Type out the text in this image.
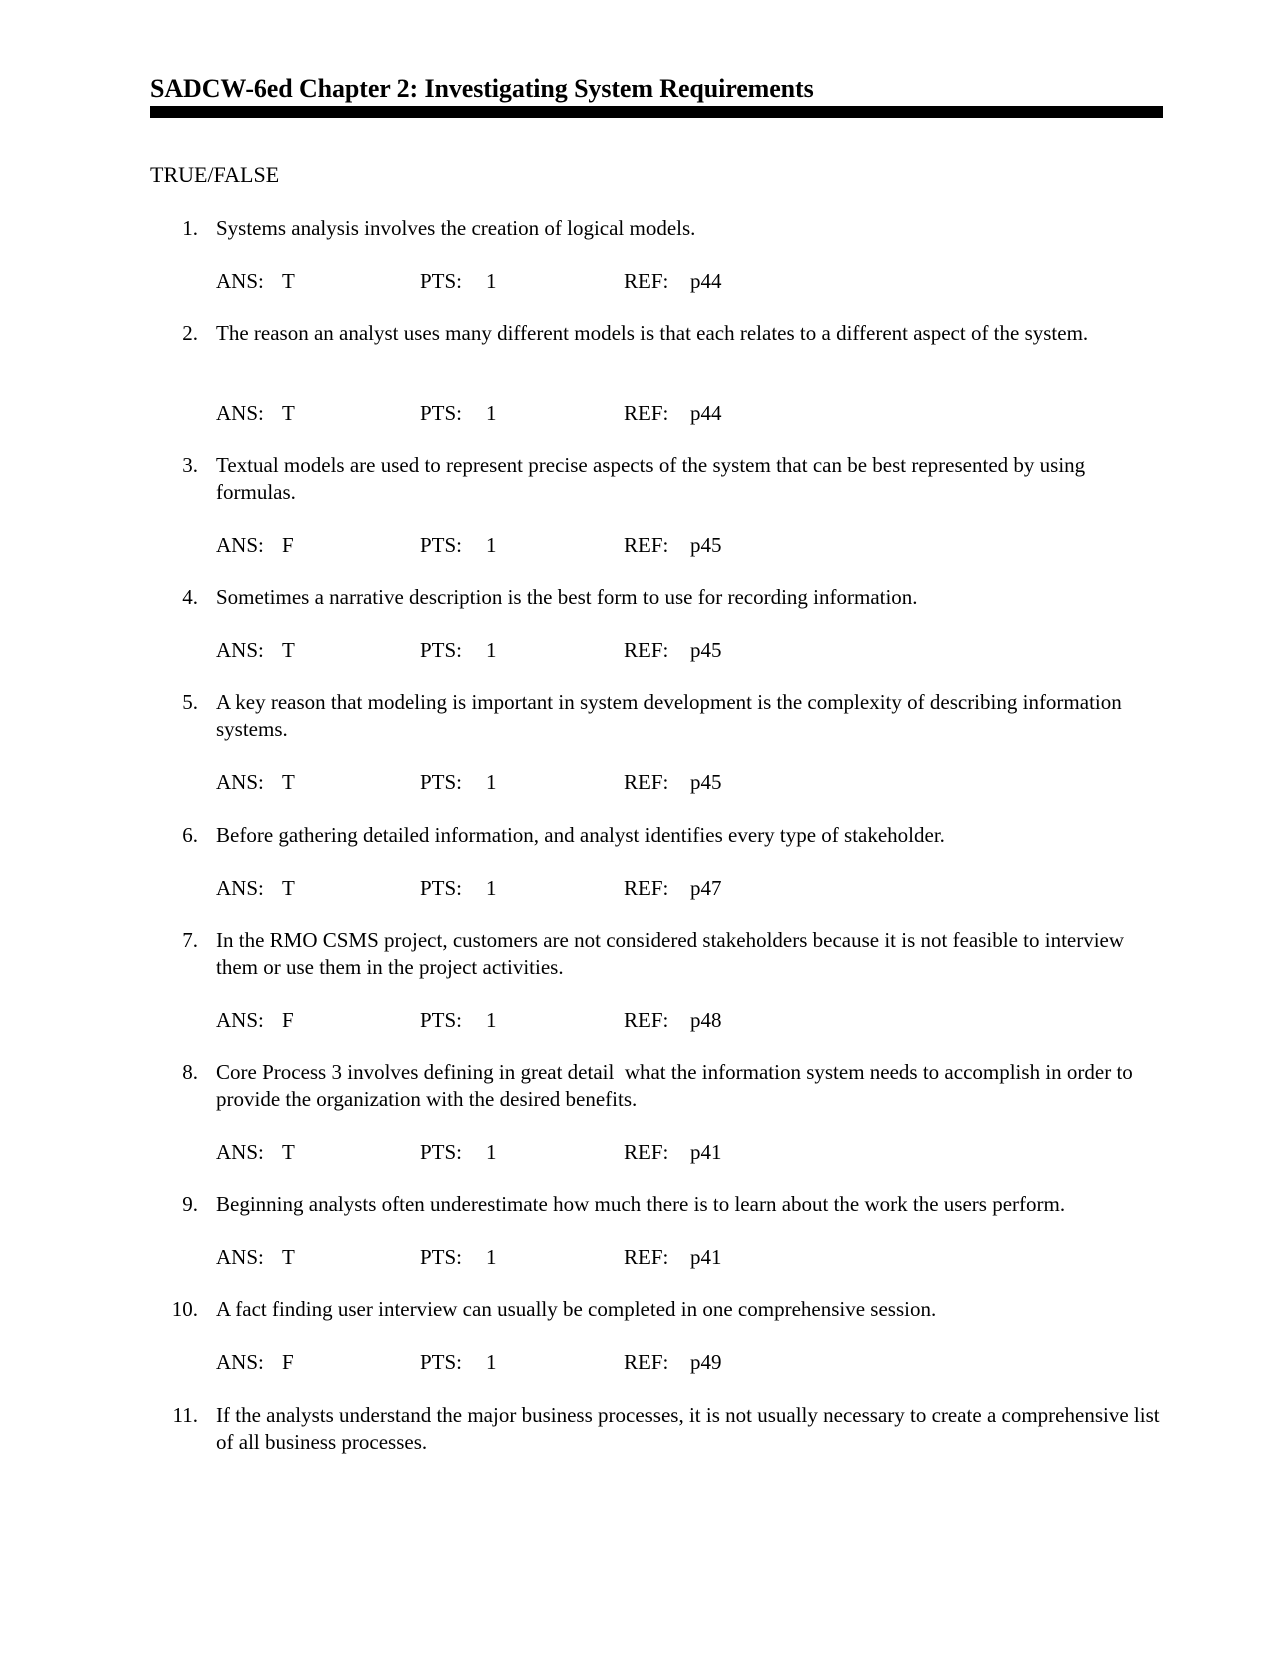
SADCW-6ed Chapter 2: Investigating System Requirements
TRUE/FALSE
1. Systems analysis involves the creation of logical models.
ANS: T	PTS: 1	REF: p44
2. The reason an analyst uses many different models is that each relates to a different aspect of the system.
ANS: T	PTS: 1	REF: p44
3. Textual models are used to represent precise aspects of the system that can be best represented by using formulas.
ANS: F	PTS: 1	REF: p45
4. Sometimes a narrative description is the best form to use for recording information.
ANS: T	PTS: 1	REF: p45
5. A key reason that modeling is important in system development is the complexity of describing information systems.
ANS: T	PTS: 1	REF: p45
6. Before gathering detailed information, and analyst identifies every type of stakeholder.
ANS: T	PTS: 1	REF: p47
7. In the RMO CSMS project, customers are not considered stakeholders because it is not feasible to interview them or use them in the project activities.
ANS: F	PTS: 1	REF: p48
8. Core Process 3 involves defining in great detail  what the information system needs to accomplish in order to provide the organization with the desired benefits.
ANS: T	PTS: 1	REF: p41
9. Beginning analysts often underestimate how much there is to learn about the work the users perform.
ANS: T	PTS: 1	REF: p41
10. A fact finding user interview can usually be completed in one comprehensive session.
ANS: F	PTS: 1	REF: p49
11. If the analysts understand the major business processes, it is not usually necessary to create a comprehensive list of all business processes.
